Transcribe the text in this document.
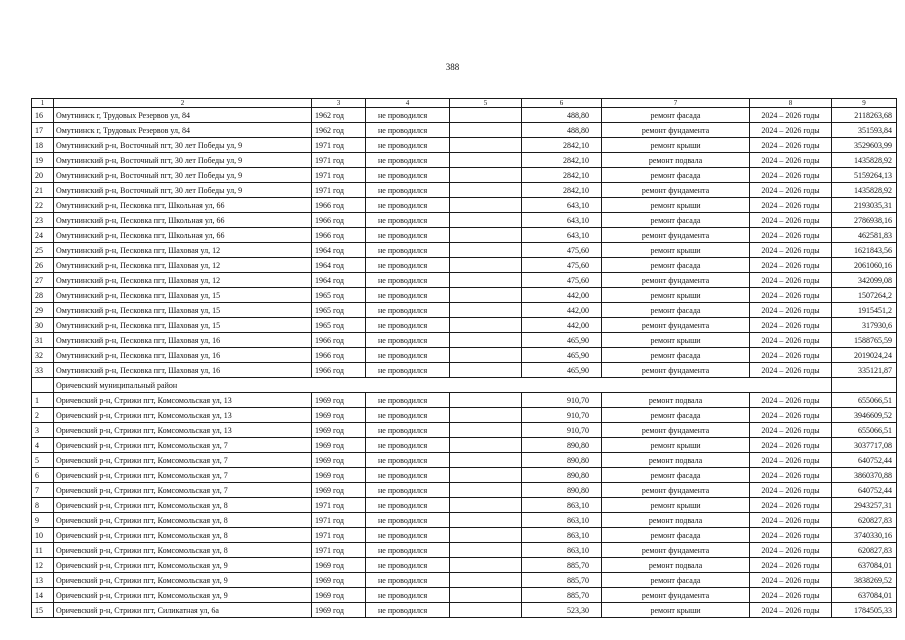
388
1	2	3	4	5	6	7	8	9
16	Омутнинск г, Трудовых Резервов ул, 84	1962 год	не проводился		488,80	ремонт фасада	2024 – 2026 годы	2118263,68
17	Омутнинск г, Трудовых Резервов ул, 84	1962 год	не проводился		488,80	ремонт фундамента	2024 – 2026 годы	351593,84
18	Омутнинский р-н, Восточный пгт, 30 лет Победы ул, 9	1971 год	не проводился		2842,10	ремонт крыши	2024 – 2026 годы	3529603,99
19	Омутнинский р-н, Восточный пгт, 30 лет Победы ул, 9	1971 год	не проводился		2842,10	ремонт подвала	2024 – 2026 годы	1435828,92
20	Омутнинский р-н, Восточный пгт, 30 лет Победы ул, 9	1971 год	не проводился		2842,10	ремонт фасада	2024 – 2026 годы	5159264,13
21	Омутнинский р-н, Восточный пгт, 30 лет Победы ул, 9	1971 год	не проводился		2842,10	ремонт фундамента	2024 – 2026 годы	1435828,92
22	Омутнинский р-н, Песковка пгт, Школьная ул, 66	1966 год	не проводился		643,10	ремонт крыши	2024 – 2026 годы	2193035,31
23	Омутнинский р-н, Песковка пгт, Школьная ул, 66	1966 год	не проводился		643,10	ремонт фасада	2024 – 2026 годы	2786938,16
24	Омутнинский р-н, Песковка пгт, Школьная ул, 66	1966 год	не проводился		643,10	ремонт фундамента	2024 – 2026 годы	462581,83
25	Омутнинский р-н, Песковка пгт, Шаховая ул, 12	1964 год	не проводился		475,60	ремонт крыши	2024 – 2026 годы	1621843,56
26	Омутнинский р-н, Песковка пгт, Шаховая ул, 12	1964 год	не проводился		475,60	ремонт фасада	2024 – 2026 годы	2061060,16
27	Омутнинский р-н, Песковка пгт, Шаховая ул, 12	1964 год	не проводился		475,60	ремонт фундамента	2024 – 2026 годы	342099,08
28	Омутнинский р-н, Песковка пгт, Шаховая ул, 15	1965 год	не проводился		442,00	ремонт крыши	2024 – 2026 годы	1507264,2
29	Омутнинский р-н, Песковка пгт, Шаховая ул, 15	1965 год	не проводился		442,00	ремонт фасада	2024 – 2026 годы	1915451,2
30	Омутнинский р-н, Песковка пгт, Шаховая ул, 15	1965 год	не проводился		442,00	ремонт фундамента	2024 – 2026 годы	317930,6
31	Омутнинский р-н, Песковка пгт, Шаховая ул, 16	1966 год	не проводился		465,90	ремонт крыши	2024 – 2026 годы	1588765,59
32	Омутнинский р-н, Песковка пгт, Шаховая ул, 16	1966 год	не проводился		465,90	ремонт фасада	2024 – 2026 годы	2019024,24
33	Омутнинский р-н, Песковка пгт, Шаховая ул, 16	1966 год	не проводился		465,90	ремонт фундамента	2024 – 2026 годы	335121,87
	Оричевский муниципальный район							
1	Оричевский р-н, Стрижи пгт, Комсомольская ул, 13	1969 год	не проводился		910,70	ремонт подвала	2024 – 2026 годы	655066,51
2	Оричевский р-н, Стрижи пгт, Комсомольская ул, 13	1969 год	не проводился		910,70	ремонт фасада	2024 – 2026 годы	3946609,52
3	Оричевский р-н, Стрижи пгт, Комсомольская ул, 13	1969 год	не проводился		910,70	ремонт фундамента	2024 – 2026 годы	655066,51
4	Оричевский р-н, Стрижи пгт, Комсомольская ул, 7	1969 год	не проводился		890,80	ремонт крыши	2024 – 2026 годы	3037717,08
5	Оричевский р-н, Стрижи пгт, Комсомольская ул, 7	1969 год	не проводился		890,80	ремонт подвала	2024 – 2026 годы	640752,44
6	Оричевский р-н, Стрижи пгт, Комсомольская ул, 7	1969 год	не проводился		890,80	ремонт фасада	2024 – 2026 годы	3860370,88
7	Оричевский р-н, Стрижи пгт, Комсомольская ул, 7	1969 год	не проводился		890,80	ремонт фундамента	2024 – 2026 годы	640752,44
8	Оричевский р-н, Стрижи пгт, Комсомольская ул, 8	1971 год	не проводился		863,10	ремонт крыши	2024 – 2026 годы	2943257,31
9	Оричевский р-н, Стрижи пгт, Комсомольская ул, 8	1971 год	не проводился		863,10	ремонт подвала	2024 – 2026 годы	620827,83
10	Оричевский р-н, Стрижи пгт, Комсомольская ул, 8	1971 год	не проводился		863,10	ремонт фасада	2024 – 2026 годы	3740330,16
11	Оричевский р-н, Стрижи пгт, Комсомольская ул, 8	1971 год	не проводился		863,10	ремонт фундамента	2024 – 2026 годы	620827,83
12	Оричевский р-н, Стрижи пгт, Комсомольская ул, 9	1969 год	не проводился		885,70	ремонт подвала	2024 – 2026 годы	637084,01
13	Оричевский р-н, Стрижи пгт, Комсомольская ул, 9	1969 год	не проводился		885,70	ремонт фасада	2024 – 2026 годы	3838269,52
14	Оричевский р-н, Стрижи пгт, Комсомольская ул, 9	1969 год	не проводился		885,70	ремонт фундамента	2024 – 2026 годы	637084,01
15	Оричевский р-н, Стрижи пгт, Силикатная ул, 6а	1969 год	не проводился		523,30	ремонт крыши	2024 – 2026 годы	1784505,33
